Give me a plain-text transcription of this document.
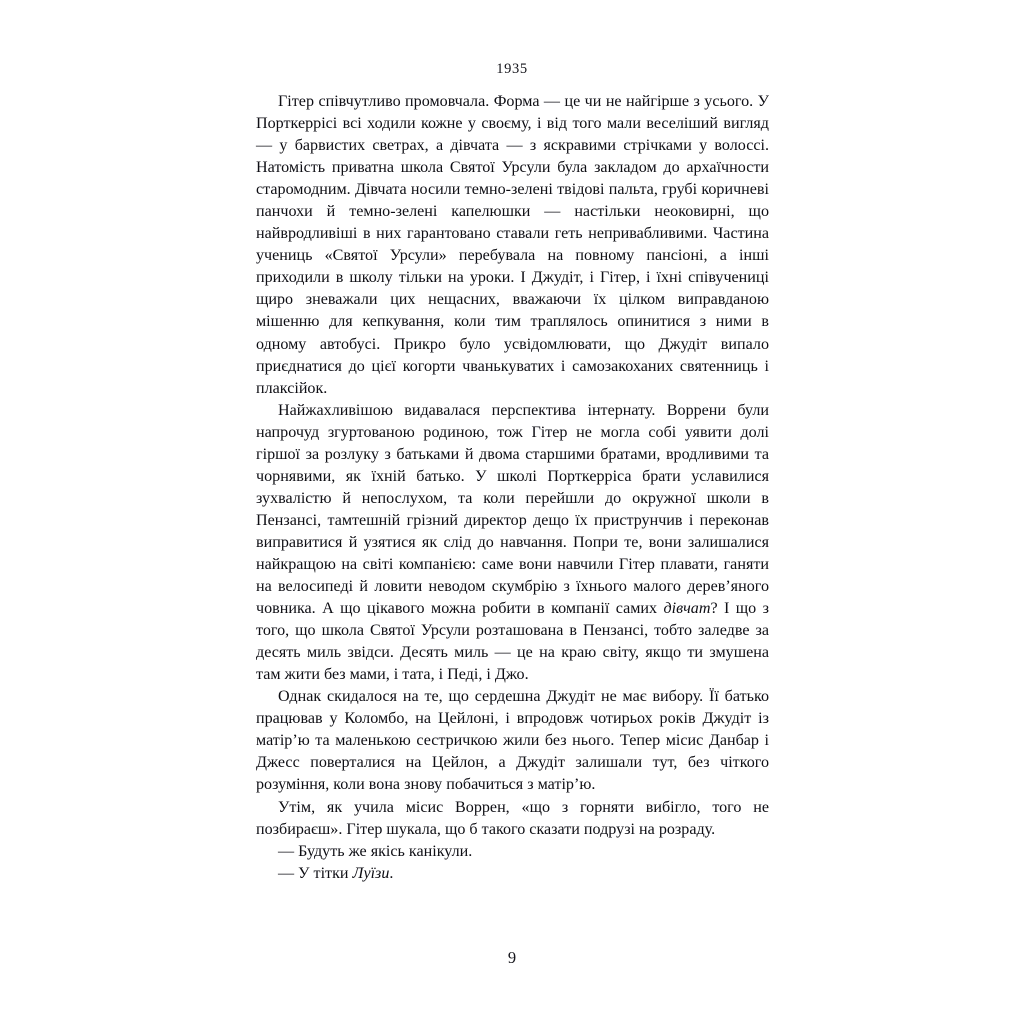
1935

Гітер співчутливо промовчала. Форма — це чи не найгірше з усього. У Порткеррісі всі ходили кожне у своєму, і від того мали веселіший вигляд — у барвистих светрах, а дівчата — з яскравими стрічками у волоссі. Натомість приватна школа Святої Урсули була закладом до архаїчности старомодним. Дівчата носили темно-зелені твідові пальта, грубі коричневі панчохи й темно-зелені капелюшки — настільки неоковирні, що найвродливіші в них гарантовано ставали геть непривабливими. Частина учениць «Святої Урсули» перебувала на повному пансіоні, а інші приходили в школу тільки на уроки. І Джудіт, і Гітер, і їхні співучениці щиро зневажали цих нещасних, вважаючи їх цілком виправданою мішенню для кепкування, коли тим траплялось опинитися з ними в одному автобусі. Прикро було усвідомлювати, що Джудіт випало приєднатися до цієї когорти чванькуватих і самозакоханих святенниць і плаксійок.

Найжахливішою видавалася перспектива інтернату. Воррени були напрочуд згуртованою родиною, тож Гітер не могла собі уявити долі гіршої за розлуку з батьками й двома старшими братами, вродливими та чорнявими, як їхній батько. У школі Порткерріса брати уславилися зухвалістю й непослухом, та коли перейшли до окружної школи в Пензансі, тамтешній грізний директор дещо їх приструнчив і переконав виправитися й узятися як слід до навчання. Попри те, вони залишалися найкращою на світі компанією: саме вони навчили Гітер плавати, ганяти на велосипеді й ловити неводом скумбрію з їхнього малого деревʼяного човника. А що цікавого можна робити в компанії самих дівчат? І що з того, що школа Святої Урсули розташована в Пензансі, тобто заледве за десять миль звідси. Десять миль — це на краю світу, якщо ти змушена там жити без мами, і тата, і Педі, і Джо.

Однак скидалося на те, що сердешна Джудіт не має вибору. Її батько працював у Коломбо, на Цейлоні, і впродовж чотирьох років Джудіт із матірʼю та маленькою сестричкою жили без нього. Тепер місис Данбар і Джесс поверталися на Цейлон, а Джудіт залишали тут, без чіткого розуміння, коли вона знову побачиться з матірʼю.

Утім, як учила місис Воррен, «що з горняти вибігло, того не позбираєш». Гітер шукала, що б такого сказати подрузі на розраду.

— Будуть же якісь канікули.

— У тітки Луїзи.

9
